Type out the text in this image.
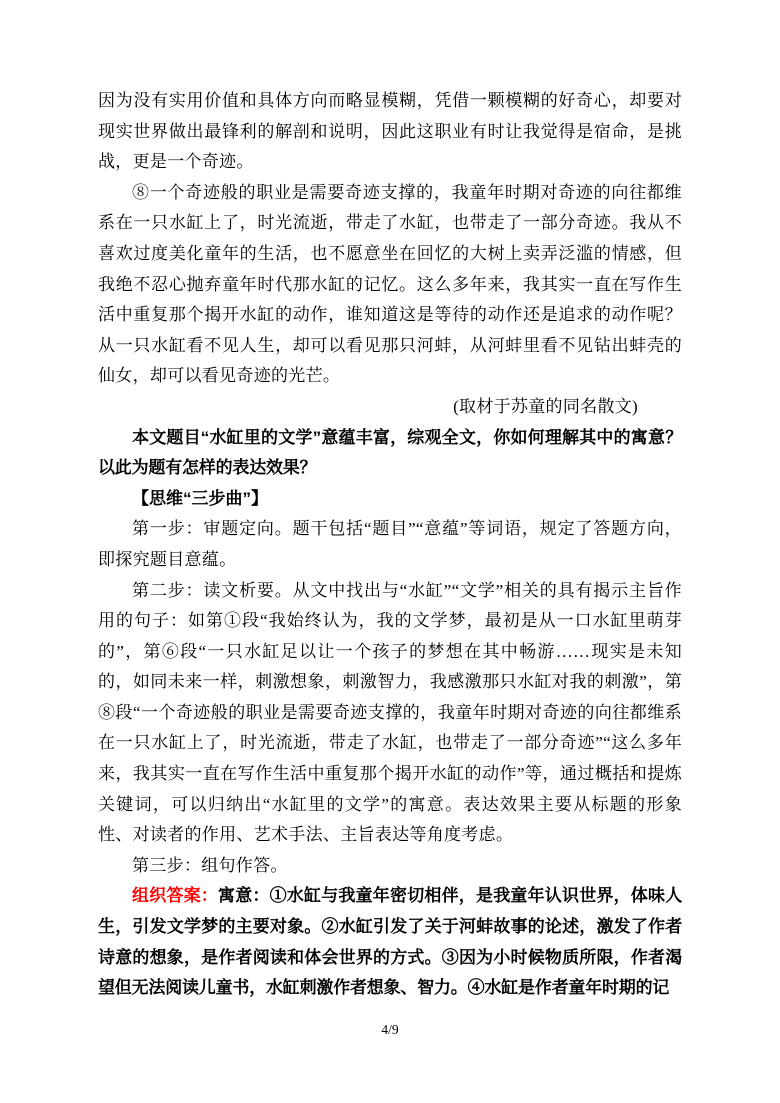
因为没有实用价值和具体方向而略显模糊，凭借一颗模糊的好奇心，却要对现实世界做出最锋利的解剖和说明，因此这职业有时让我觉得是宿命，是挑战，更是一个奇迹。

⑧一个奇迹般的职业是需要奇迹支撑的，我童年时期对奇迹的向往都维系在一只水缸上了，时光流逝，带走了水缸，也带走了一部分奇迹。我从不喜欢过度美化童年的生活，也不愿意坐在回忆的大树上卖弄泛滥的情感，但我绝不忍心抛弃童年时代那水缸的记忆。这么多年来，我其实一直在写作生活中重复那个揭开水缸的动作，谁知道这是等待的动作还是追求的动作呢？从一只水缸看不见人生，却可以看见那只河蚌，从河蚌里看不见钻出蚌壳的仙女，却可以看见奇迹的光芒。

(取材于苏童的同名散文)

本文题目“水缸里的文学”意蕴丰富，综观全文，你如何理解其中的寓意？以此为题有怎样的表达效果？

【思维“三步曲”】

第一步：审题定向。题干包括“题目”“意蕴”等词语，规定了答题方向，即探究题目意蕴。

第二步：读文析要。从文中找出与“水缸”“文学”相关的具有揭示主旨作用的句子：如第①段“我始终认为，我的文学梦，最初是从一口水缸里萌芽的”，第⑥段“一只水缸足以让一个孩子的梦想在其中畅游……现实是未知的，如同未来一样，刺激想象，刺激智力，我感激那只水缸对我的刺激”，第⑧段“一个奇迹般的职业是需要奇迹支撑的，我童年时期对奇迹的向往都维系在一只水缸上了，时光流逝，带走了水缸，也带走了一部分奇迹”“这么多年来，我其实一直在写作生活中重复那个揭开水缸的动作”等，通过概括和提炼关键词，可以归纳出“水缸里的文学”的寓意。表达效果主要从标题的形象性、对读者的作用、艺术手法、主旨表达等角度考虑。

第三步：组句作答。

组织答案：寓意：①水缸与我童年密切相伴，是我童年认识世界，体味人生，引发文学梦的主要对象。②水缸引发了关于河蚌故事的论述，激发了作者诗意的想象，是作者阅读和体会世界的方式。③因为小时候物质所限，作者渴望但无法阅读儿童书，水缸刺激作者想象、智力。④水缸是作者童年时期的记

4/9
